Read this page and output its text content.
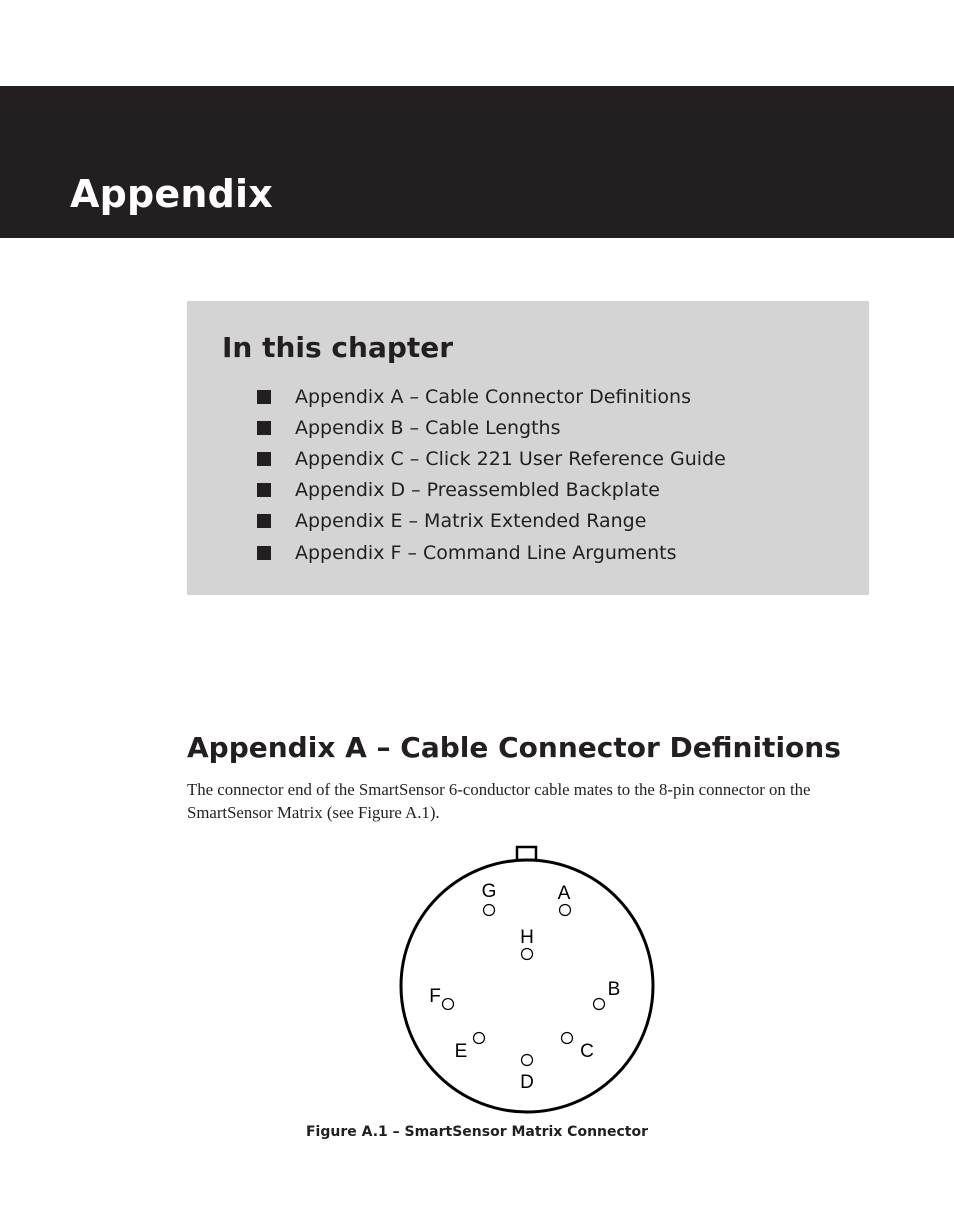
Appendix
In this chapter
Appendix A – Cable Connector Definitions
Appendix B – Cable Lengths
Appendix C – Click 221 User Reference Guide
Appendix D – Preassembled Backplate
Appendix E – Matrix Extended Range
Appendix F – Command Line Arguments
Appendix A – Cable Connector Definitions

The connector end of the SmartSensor 6-conductor cable mates to the 8-pin connector on the SmartSensor Matrix (see Figure A.1).

G	A
H
F	B
E	C
D

Figure A.1 – SmartSensor Matrix Connector
